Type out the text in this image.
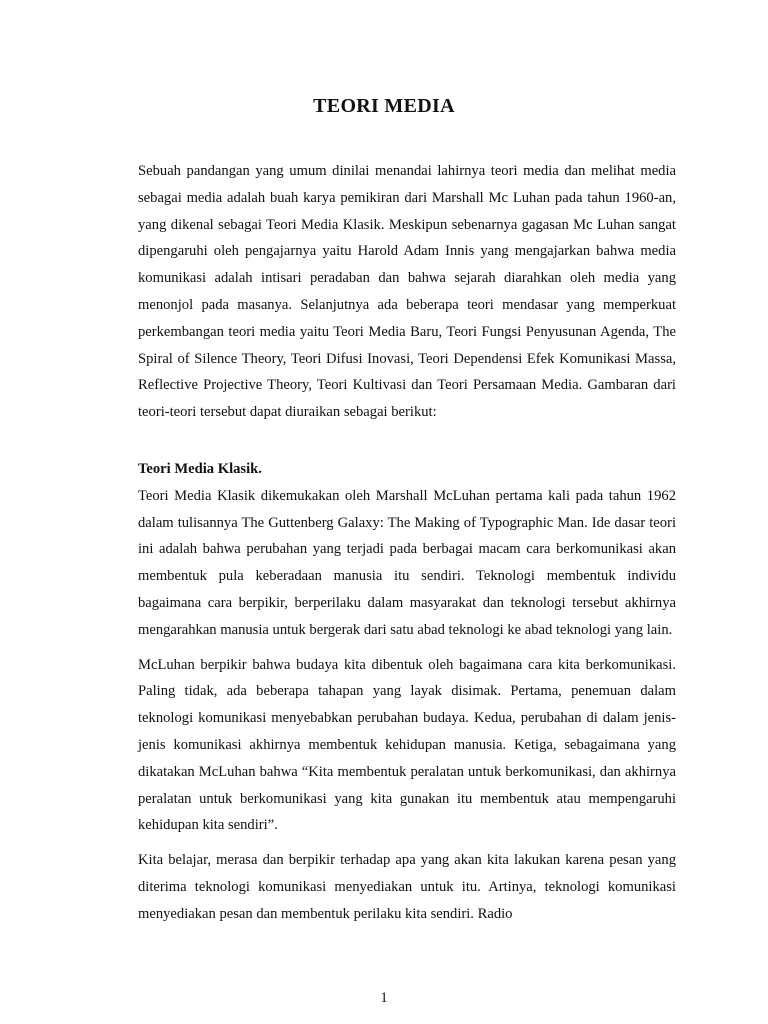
TEORI MEDIA

Sebuah pandangan yang umum dinilai menandai lahirnya teori media dan melihat media sebagai media adalah buah karya pemikiran dari Marshall Mc Luhan pada tahun 1960-an, yang dikenal sebagai Teori Media Klasik. Meskipun sebenarnya gagasan Mc Luhan sangat dipengaruhi oleh pengajarnya yaitu Harold Adam Innis yang mengajarkan bahwa media komunikasi adalah intisari peradaban dan bahwa sejarah diarahkan oleh media yang menonjol pada masanya. Selanjutnya ada beberapa teori mendasar yang memperkuat perkembangan teori media yaitu Teori Media Baru, Teori Fungsi Penyusunan Agenda, The Spiral of Silence Theory, Teori Difusi Inovasi, Teori Dependensi Efek Komunikasi Massa, Reflective Projective Theory, Teori Kultivasi dan Teori Persamaan Media. Gambaran dari teori-teori tersebut dapat diuraikan sebagai berikut:

Teori Media Klasik.

Teori Media Klasik dikemukakan oleh Marshall McLuhan pertama kali pada tahun 1962 dalam tulisannya The Guttenberg Galaxy: The Making of Typographic Man. Ide dasar teori ini adalah bahwa perubahan yang terjadi pada berbagai macam cara berkomunikasi akan membentuk pula keberadaan manusia itu sendiri. Teknologi membentuk individu bagaimana cara berpikir, berperilaku dalam masyarakat dan teknologi tersebut akhirnya mengarahkan manusia untuk bergerak dari satu abad teknologi ke abad teknologi yang lain.

McLuhan berpikir bahwa budaya kita dibentuk oleh bagaimana cara kita berkomunikasi. Paling tidak, ada beberapa tahapan yang layak disimak. Pertama, penemuan dalam teknologi komunikasi menyebabkan perubahan budaya. Kedua, perubahan di dalam jenis-jenis komunikasi akhirnya membentuk kehidupan manusia. Ketiga, sebagaimana yang dikatakan McLuhan bahwa “Kita membentuk peralatan untuk berkomunikasi, dan akhirnya peralatan untuk berkomunikasi yang kita gunakan itu membentuk atau mempengaruhi kehidupan kita sendiri”.

Kita belajar, merasa dan berpikir terhadap apa yang akan kita lakukan karena pesan yang diterima teknologi komunikasi menyediakan untuk itu. Artinya, teknologi komunikasi menyediakan pesan dan membentuk perilaku kita sendiri. Radio

1
